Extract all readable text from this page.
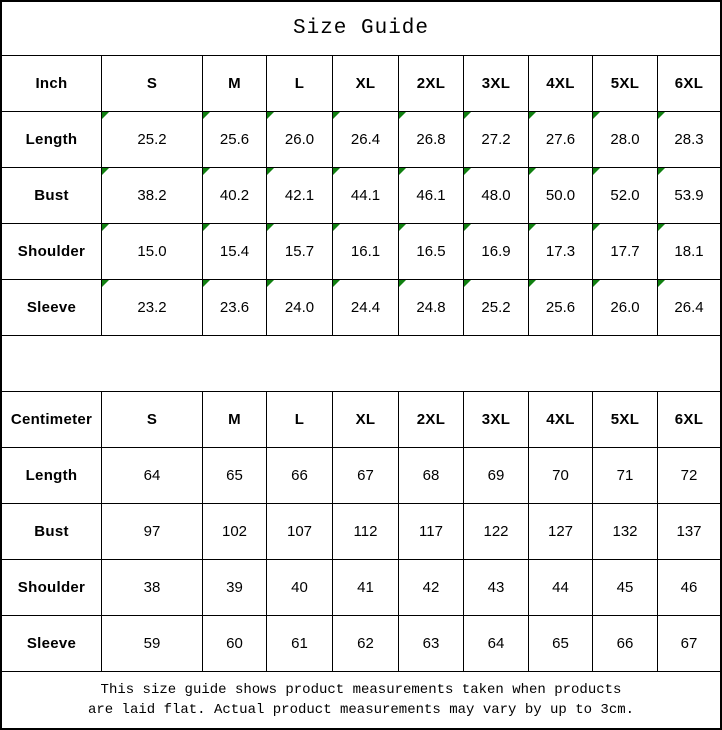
Size Guide
This size guide shows product measurements taken when products
are laid flat. Actual product measurements may vary by up to 3cm.
Inch	S	M	L	XL	2XL	3XL	4XL	5XL	6XL
Length	25.2	25.6	26.0	26.4	26.8	27.2	27.6	28.0	28.3
Bust	38.2	40.2	42.1	44.1	46.1	48.0	50.0	52.0	53.9
Shoulder	15.0	15.4	15.7	16.1	16.5	16.9	17.3	17.7	18.1
Sleeve	23.2	23.6	24.0	24.4	24.8	25.2	25.6	26.0	26.4
Centimeter	S	M	L	XL	2XL	3XL	4XL	5XL	6XL
Length	64	65	66	67	68	69	70	71	72
Bust	97	102	107	112	117	122	127	132	137
Shoulder	38	39	40	41	42	43	44	45	46
Sleeve	59	60	61	62	63	64	65	66	67
